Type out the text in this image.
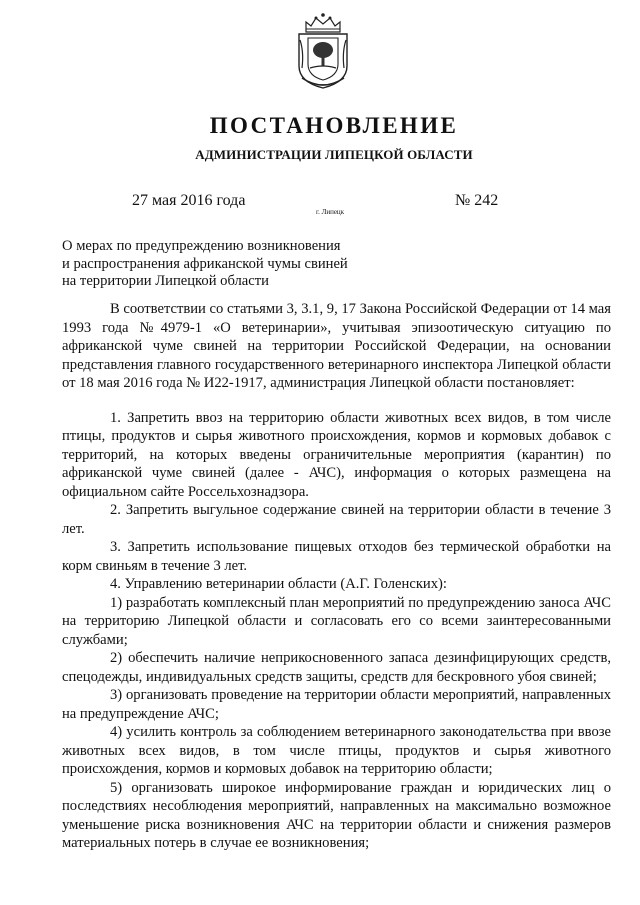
ПОСТАНОВЛЕНИЕ
АДМИНИСТРАЦИИ ЛИПЕЦКОЙ ОБЛАСТИ
27 мая 2016 года
г. Липецк
№ 242
О мерах по предупреждению возникновения
и распространения африканской чумы свиней
на территории Липецкой области

В соответствии со статьями 3, 3.1, 9, 17 Закона Российской Федерации от 14 мая 1993 года №4979-1 «О ветеринарии», учитывая эпизоотическую ситуацию по африканской чуме свиней на территории Российской Федерации, на основании представления главного государственного ветеринарного инспектора Липецкой области от 18 мая 2016 года № И22-1917, администрация Липецкой области постановляет:

1. Запретить ввоз на территорию области животных всех видов, в том числе птицы, продуктов и сырья животного происхождения, кормов и кормовых добавок с территорий, на которых введены ограничительные мероприятия (карантин) по африканской чуме свиней (далее - АЧС), информация о которых размещена на официальном сайте Россельхознадзора.

2. Запретить выгульное содержание свиней на территории области в течение 3 лет.

3. Запретить использование пищевых отходов без термической обработки на корм свиньям в течение 3 лет.

4. Управлению ветеринарии области (А.Г. Голенских):

1) разработать комплексный план мероприятий по предупреждению заноса АЧС на территорию Липецкой области и согласовать его со всеми заинтересованными службами;

2) обеспечить наличие неприкосновенного запаса дезинфицирующих средств, спецодежды, индивидуальных средств защиты, средств для бескровного убоя свиней;

3) организовать проведение на территории области мероприятий, направленных на предупреждение АЧС;

4) усилить контроль за соблюдением ветеринарного законодательства при ввозе животных всех видов, в том числе птицы, продуктов и сырья животного происхождения, кормов и кормовых добавок на территорию области;

5) организовать широкое информирование граждан и юридических лиц о последствиях несоблюдения мероприятий, направленных на максимально возможное уменьшение риска возникновения АЧС на территории области и снижения размеров материальных потерь в случае ее возникновения;
